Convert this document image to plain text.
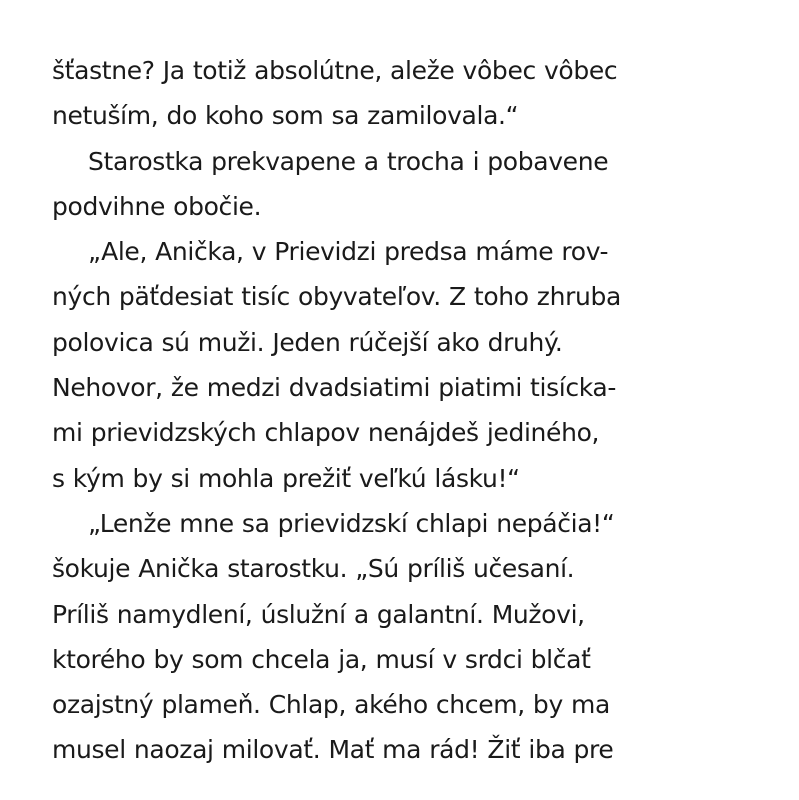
šťastne? Ja totiž absolútne, aležе vôbec vôbec
netuším, do koho som sa zamilovala.“
Starostka prekvapene a trocha i pobavene
podvihne obočie.
„Ale, Anička, v Prievidzi predsa máme rov-
ných päťdesiat tisíc obyvateľov. Z toho zhruba
polovica sú muži. Jeden rúčejší ako druhý.
Nehovor, že medzi dvadsiatimi piatimi tisícka-
mi prievidzských chlapov nenájdeš jediného,
s kým by si mohla prežiť veľkú lásku!“
„Lenže mne sa prievidzskí chlapi nepáčia!“
šokuje Anička starostku. „Sú príliš učesaní.
Príliš namydlení, úslužní a galantní. Mužovi,
ktorého by som chcela ja, musí v srdci blčať
ozajstný plameň. Chlap, akého chcem, by ma
musel naozaj milovať. Mať ma rád! Žiť iba pre
